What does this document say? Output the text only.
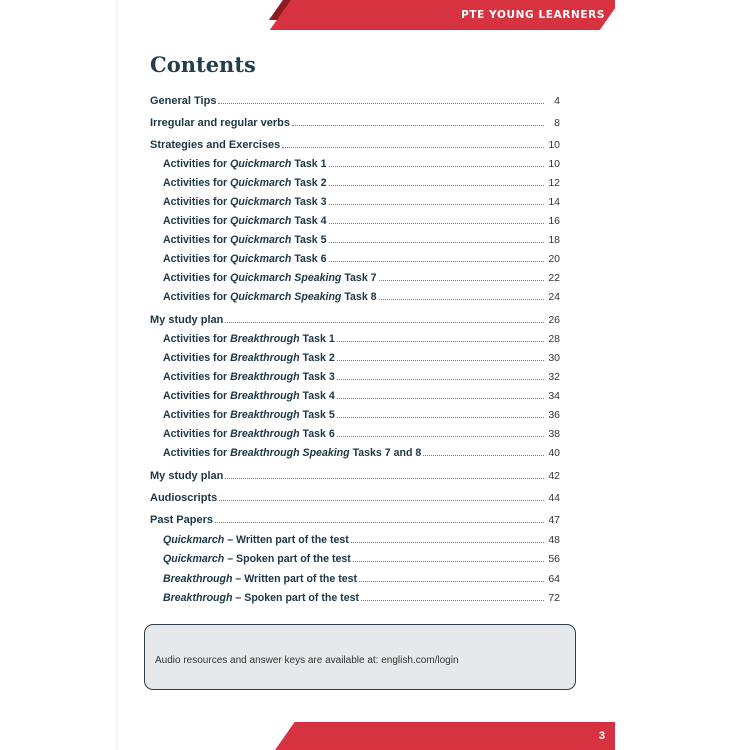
PTE YOUNG LEARNERS
Contents
General Tips	4
Irregular and regular verbs	8
Strategies and Exercises	10
Activities for Quickmarch Task 1	10
Activities for Quickmarch Task 2	12
Activities for Quickmarch Task 3	14
Activities for Quickmarch Task 4	16
Activities for Quickmarch Task 5	18
Activities for Quickmarch Task 6	20
Activities for Quickmarch Speaking Task 7	22
Activities for Quickmarch Speaking Task 8	24
My study plan	26
Activities for Breakthrough Task 1	28
Activities for Breakthrough Task 2	30
Activities for Breakthrough Task 3	32
Activities for Breakthrough Task 4	34
Activities for Breakthrough Task 5	36
Activities for Breakthrough Task 6	38
Activities for Breakthrough Speaking Tasks 7 and 8	40
My study plan	42
Audioscripts	44
Past Papers	47
Quickmarch – Written part of the test	48
Quickmarch – Spoken part of the test	56
Breakthrough – Written part of the test	64
Breakthrough – Spoken part of the test	72
Audio resources and answer keys are available at: english.com/login
3
